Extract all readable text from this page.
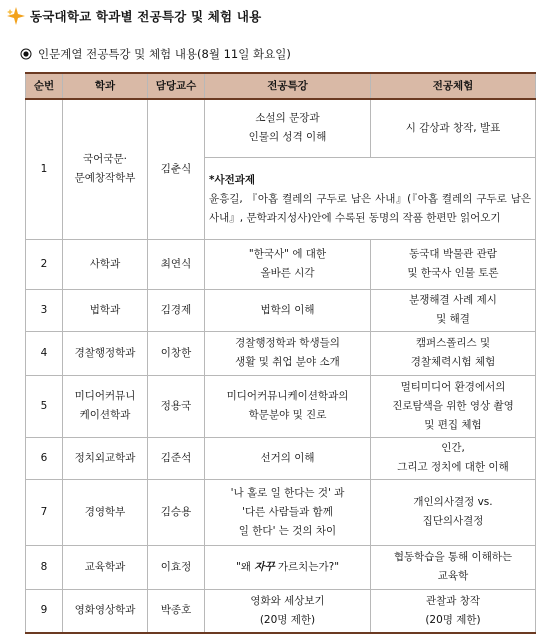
동국대학교 학과별 전공특강 및 체험 내용
인문계열 전공특강 및 체험 내용(8월 11일 화요일)
순번	학과	담당교수	전공특강	전공체험
1	국어국문·
문예창작학부	김춘식	소설의 문장과
인물의 성격 이해	시 감상과 창작, 발표

			*사전과제
윤흥길, 『아홉 켤레의 구두로 남은 사내』(『아홉 켤레의 구두로 남은 사내』, 문학과지성사)안에 수록된 동명의 작품 한편만 읽어오기	

2	사학과	최연식	"한국사" 에 대한
올바른 시각	동국대 박물관 관람
및 한국사 인물 토론
3	법학과	김경제	법학의 이해	분쟁해결 사례 제시
및 해결
4	경찰행정학과	이창한	경찰행정학과 학생들의
생활 및 취업 분야 소개	캠퍼스폴리스 및
경찰체력시험 체험
5	미디어커뮤니
케이션학과	정용국	미디어커뮤니케이션학과의
학문분야 및 진로	멀티미디어 환경에서의
진로탐색을 위한 영상 촬영
및 편집 체험
6	정치외교학과	김준석	선거의 이해	인간,
그리고 정치에 대한 이해
7	경영학부	김승용	'나 홀로 일 한다는 것' 과
'다른 사람들과 함께
일 한다' 는 것의 차이	개인의사결정 vs.
집단의사결정
8	교육학과	이효정	"왜 자꾸 가르치는가?"	협동학습을 통해 이해하는
교육학
9	영화영상학과	박종호	영화와 세상보기
(20명 제한)	관찰과 창작
(20명 제한)
